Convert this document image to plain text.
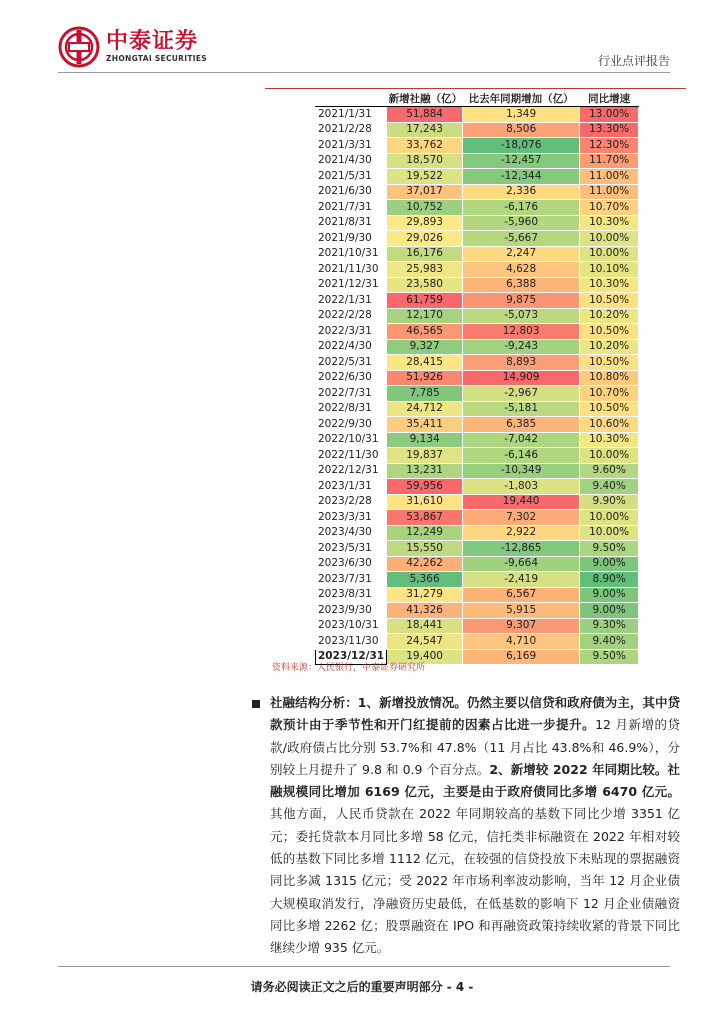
中泰证券
ZHONGTAI SECURITIES	行业点评报告
	新增社融（亿）	比去年同期增加（亿）	同比增速
2021/1/31	51,884	1,349	13.00%
2021/2/28	17,243	8,506	13.30%
2021/3/31	33,762	-18,076	12.30%
2021/4/30	18,570	-12,457	11.70%
2021/5/31	19,522	-12,344	11.00%
2021/6/30	37,017	2,336	11.00%
2021/7/31	10,752	-6,176	10.70%
2021/8/31	29,893	-5,960	10.30%
2021/9/30	29,026	-5,667	10.00%
2021/10/31	16,176	2,247	10.00%
2021/11/30	25,983	4,628	10.10%
2021/12/31	23,580	6,388	10.30%
2022/1/31	61,759	9,875	10.50%
2022/2/28	12,170	-5,073	10.20%
2022/3/31	46,565	12,803	10.50%
2022/4/30	9,327	-9,243	10.20%
2022/5/31	28,415	8,893	10.50%
2022/6/30	51,926	14,909	10.80%
2022/7/31	7,785	-2,967	10.70%
2022/8/31	24,712	-5,181	10.50%
2022/9/30	35,411	6,385	10.60%
2022/10/31	9,134	-7,042	10.30%
2022/11/30	19,837	-6,146	10.00%
2022/12/31	13,231	-10,349	9.60%
2023/1/31	59,956	-1,803	9.40%
2023/2/28	31,610	19,440	9.90%
2023/3/31	53,867	7,302	10.00%
2023/4/30	12,249	2,922	10.00%
2023/5/31	15,550	-12,865	9.50%
2023/6/30	42,262	-9,664	9.00%
2023/7/31	5,366	-2,419	8.90%
2023/8/31	31,279	6,567	9.00%
2023/9/30	41,326	5,915	9.00%
2023/10/31	18,441	9,307	9.30%
2023/11/30	24,547	4,710	9.40%
2023/12/31	19,400	6,169	9.50%
资料来源：人民银行，中泰证券研究所
社融结构分析：1、新增投放情况。仍然主要以信贷和政府债为主，其中贷款预计由于季节性和开门红提前的因素占比进一步提升。12 月新增的贷款/政府债占比分别 53.7%和 47.8%（11 月占比 43.8%和 46.9%），分别较上月提升了 9.8 和 0.9 个百分点。2、新增较 2022 年同期比较。社融规模同比增加 6169 亿元，主要是由于政府债同比多增 6470 亿元。其他方面，人民币贷款在 2022 年同期较高的基数下同比少增 3351 亿元；委托贷款本月同比多增 58 亿元，信托类非标融资在 2022 年相对较低的基数下同比多增 1112 亿元，在较强的信贷投放下未贴现的票据融资同比多减 1315 亿元；受 2022 年市场利率波动影响，当年 12 月企业债大规模取消发行，净融资历史最低，在低基数的影响下 12 月企业债融资同比多增 2262 亿；股票融资在 IPO 和再融资政策持续收紧的背景下同比继续少增 935 亿元。
请务必阅读正文之后的重要声明部分 - 4 -
